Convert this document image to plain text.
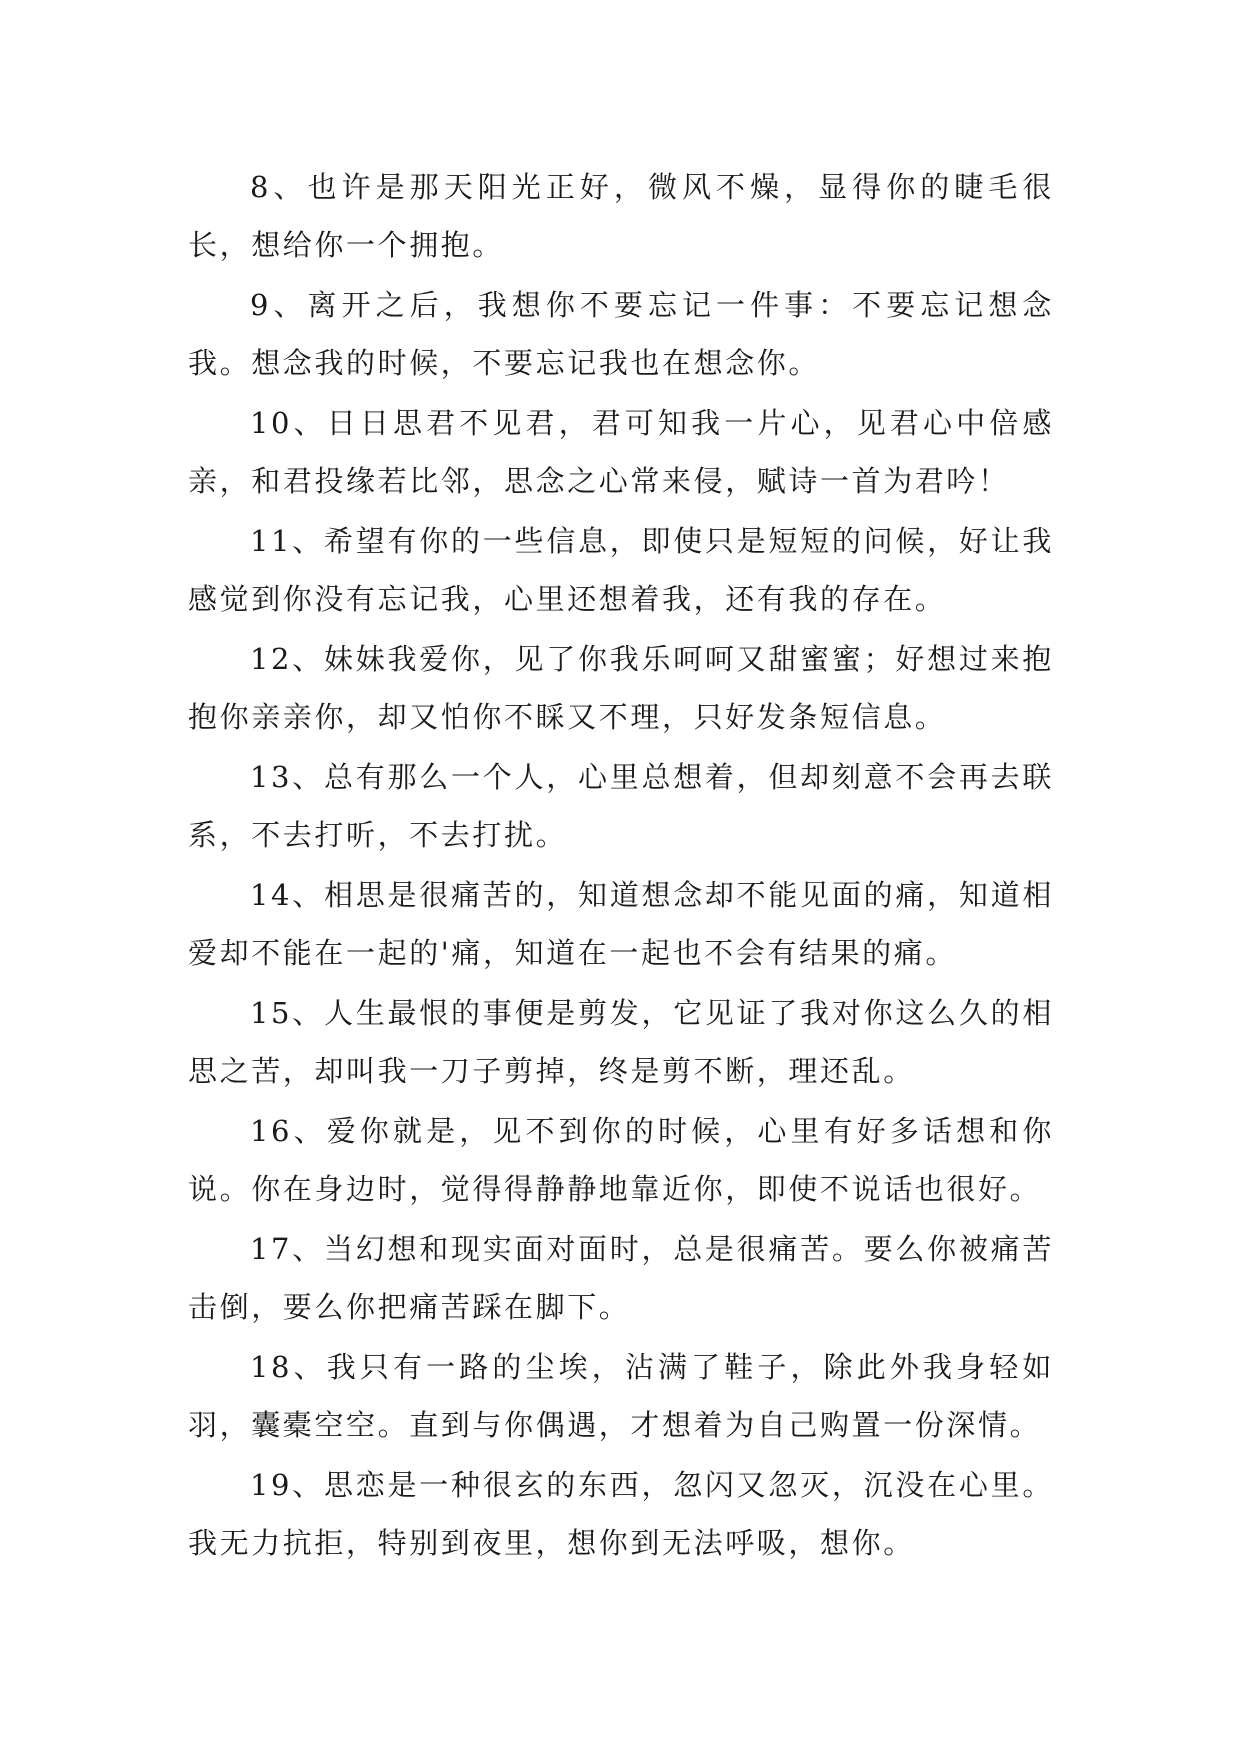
8、也许是那天阳光正好，微风不燥，显得你的睫毛很长，想给你一个拥抱。

9、离开之后，我想你不要忘记一件事：不要忘记想念我。想念我的时候，不要忘记我也在想念你。

10、日日思君不见君，君可知我一片心，见君心中倍感亲，和君投缘若比邻，思念之心常来侵，赋诗一首为君吟！

11、希望有你的一些信息，即使只是短短的问候，好让我感觉到你没有忘记我，心里还想着我，还有我的存在。

12、妹妹我爱你，见了你我乐呵呵又甜蜜蜜；好想过来抱抱你亲亲你，却又怕你不睬又不理，只好发条短信息。

13、总有那么一个人，心里总想着，但却刻意不会再去联系，不去打听，不去打扰。

14、相思是很痛苦的，知道想念却不能见面的痛，知道相爱却不能在一起的'痛，知道在一起也不会有结果的痛。

15、人生最恨的事便是剪发，它见证了我对你这么久的相思之苦，却叫我一刀子剪掉，终是剪不断，理还乱。

16、爱你就是，见不到你的时候，心里有好多话想和你说。你在身边时，觉得得静静地靠近你，即使不说话也很好。

17、当幻想和现实面对面时，总是很痛苦。要么你被痛苦击倒，要么你把痛苦踩在脚下。

18、我只有一路的尘埃，沾满了鞋子，除此外我身轻如羽，囊橐空空。直到与你偶遇，才想着为自己购置一份深情。

19、思恋是一种很玄的东西，忽闪又忽灭，沉没在心里。我无力抗拒，特别到夜里，想你到无法呼吸，想你。
